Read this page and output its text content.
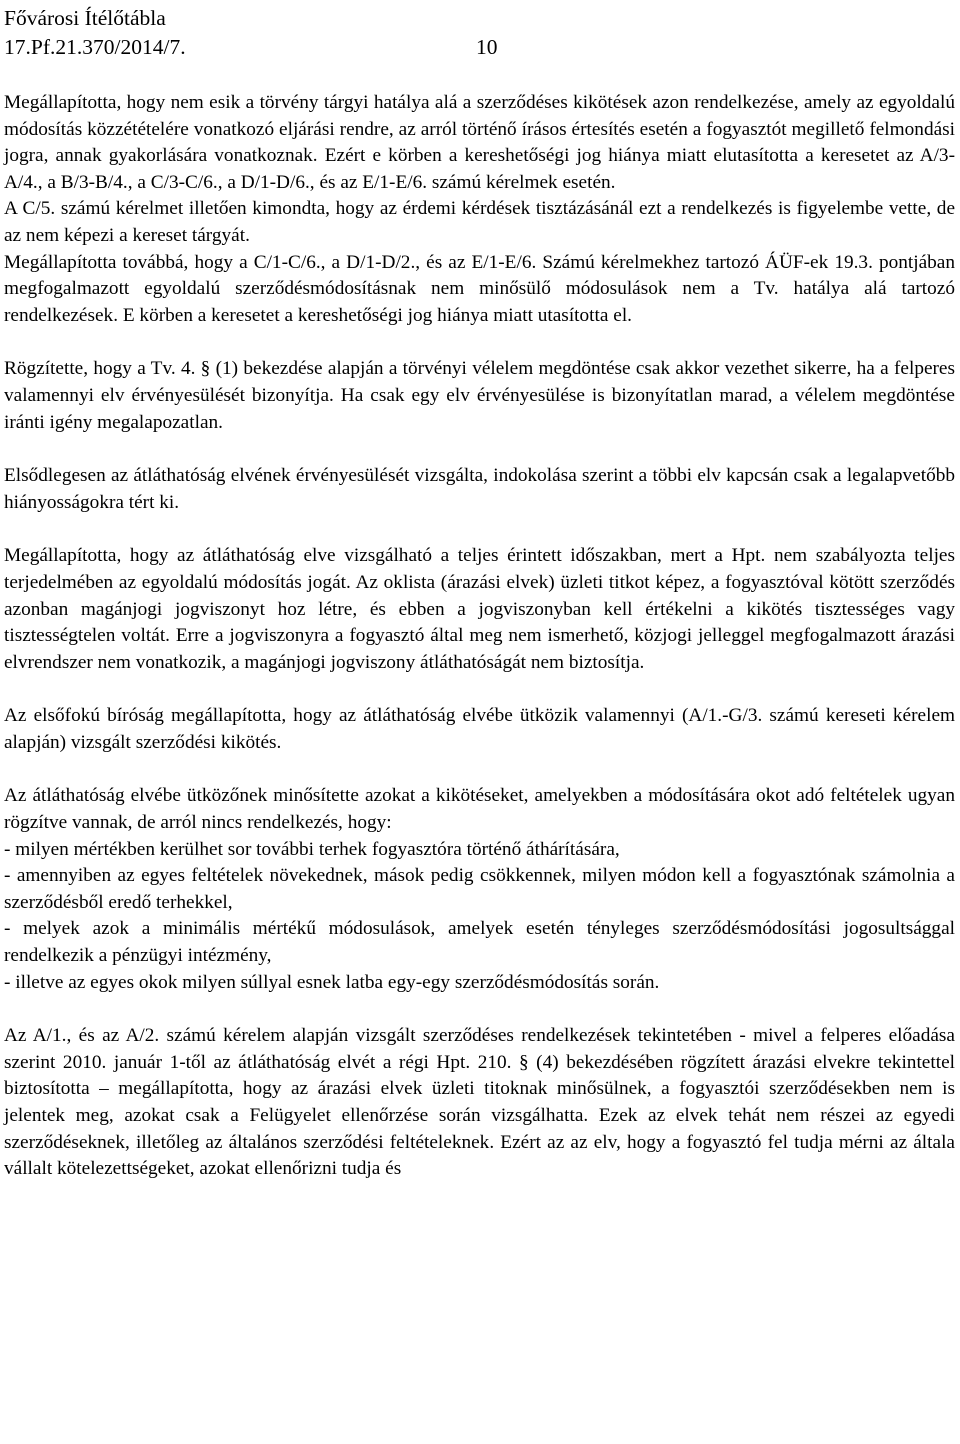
Fővárosi Ítélőtábla
17.Pf.21.370/2014/7.	10

Megállapította, hogy nem esik a törvény tárgyi hatálya alá a szerződéses kikötések azon rendelkezése, amely az egyoldalú módosítás közzétételére vonatkozó eljárási rendre, az arról történő írásos értesítés esetén a fogyasztót megillető felmondási jogra, annak gyakorlására vonatkoznak. Ezért e körben a kereshetőségi jog hiánya miatt elutasította a keresetet az A/3-A/4., a B/3-B/4., a C/3-C/6., a D/1-D/6., és az E/1-E/6. számú kérelmek esetén.

A C/5. számú kérelmet illetően kimondta, hogy az érdemi kérdések tisztázásánál ezt a rendelkezés is figyelembe vette, de az nem képezi a kereset tárgyát.

Megállapította továbbá, hogy a C/1-C/6., a D/1-D/2., és az E/1-E/6. Számú kérelmekhez tartozó ÁÜF-ek 19.3. pontjában megfogalmazott egyoldalú szerződésmódosításnak nem minősülő módosulások nem a Tv. hatálya alá tartozó rendelkezések. E körben a keresetet a kereshetőségi jog hiánya miatt utasította el.

Rögzítette, hogy a Tv. 4. § (1) bekezdése alapján a törvényi vélelem megdöntése csak akkor vezethet sikerre, ha a felperes valamennyi elv érvényesülését bizonyítja. Ha csak egy elv érvényesülése is bizonyítatlan marad, a vélelem megdöntése iránti igény megalapozatlan.

Elsődlegesen az átláthatóság elvének érvényesülését vizsgálta, indokolása szerint a többi elv kapcsán csak a legalapvetőbb hiányosságokra tért ki.

Megállapította, hogy az átláthatóság elve vizsgálható a teljes érintett időszakban, mert a Hpt. nem szabályozta teljes terjedelmében az egyoldalú módosítás jogát. Az oklista (árazási elvek) üzleti titkot képez, a fogyasztóval kötött szerződés azonban magánjogi jogviszonyt hoz létre, és ebben a jogviszonyban kell értékelni a kikötés tisztességes vagy tisztességtelen voltát. Erre a jogviszonyra a fogyasztó által meg nem ismerhető, közjogi jelleggel megfogalmazott árazási elvrendszer nem vonatkozik, a magánjogi jogviszony átláthatóságát nem biztosítja.

Az elsőfokú bíróság megállapította, hogy az átláthatóság elvébe ütközik valamennyi (A/1.-G/3. számú kereseti kérelem alapján) vizsgált szerződési kikötés.

Az átláthatóság elvébe ütközőnek minősítette azokat a kikötéseket, amelyekben a módosítására okot adó feltételek ugyan rögzítve vannak, de arról nincs rendelkezés, hogy:

- milyen mértékben kerülhet sor további terhek fogyasztóra történő áthárítására,

- amennyiben az egyes feltételek növekednek, mások pedig csökkennek, milyen módon kell a fogyasztónak számolnia a szerződésből eredő terhekkel,

- melyek azok a minimális mértékű módosulások, amelyek esetén tényleges szerződésmódosítási jogosultsággal rendelkezik a pénzügyi intézmény,

- illetve az egyes okok milyen súllyal esnek latba egy-egy szerződésmódosítás során.

Az A/1., és az A/2. számú kérelem alapján vizsgált szerződéses rendelkezések tekintetében - mivel a felperes előadása szerint 2010. január 1-től az átláthatóság elvét a régi Hpt. 210. § (4) bekezdésében rögzített árazási elvekre tekintettel biztosította – megállapította, hogy az árazási elvek üzleti titoknak minősülnek, a fogyasztói szerződésekben nem is jelentek meg, azokat csak a Felügyelet ellenőrzése során vizsgálhatta. Ezek az elvek tehát nem részei az egyedi szerződéseknek, illetőleg az általános szerződési feltételeknek. Ezért az az elv, hogy a fogyasztó fel tudja mérni az általa vállalt kötelezettségeket, azokat ellenőrizni tudja és
